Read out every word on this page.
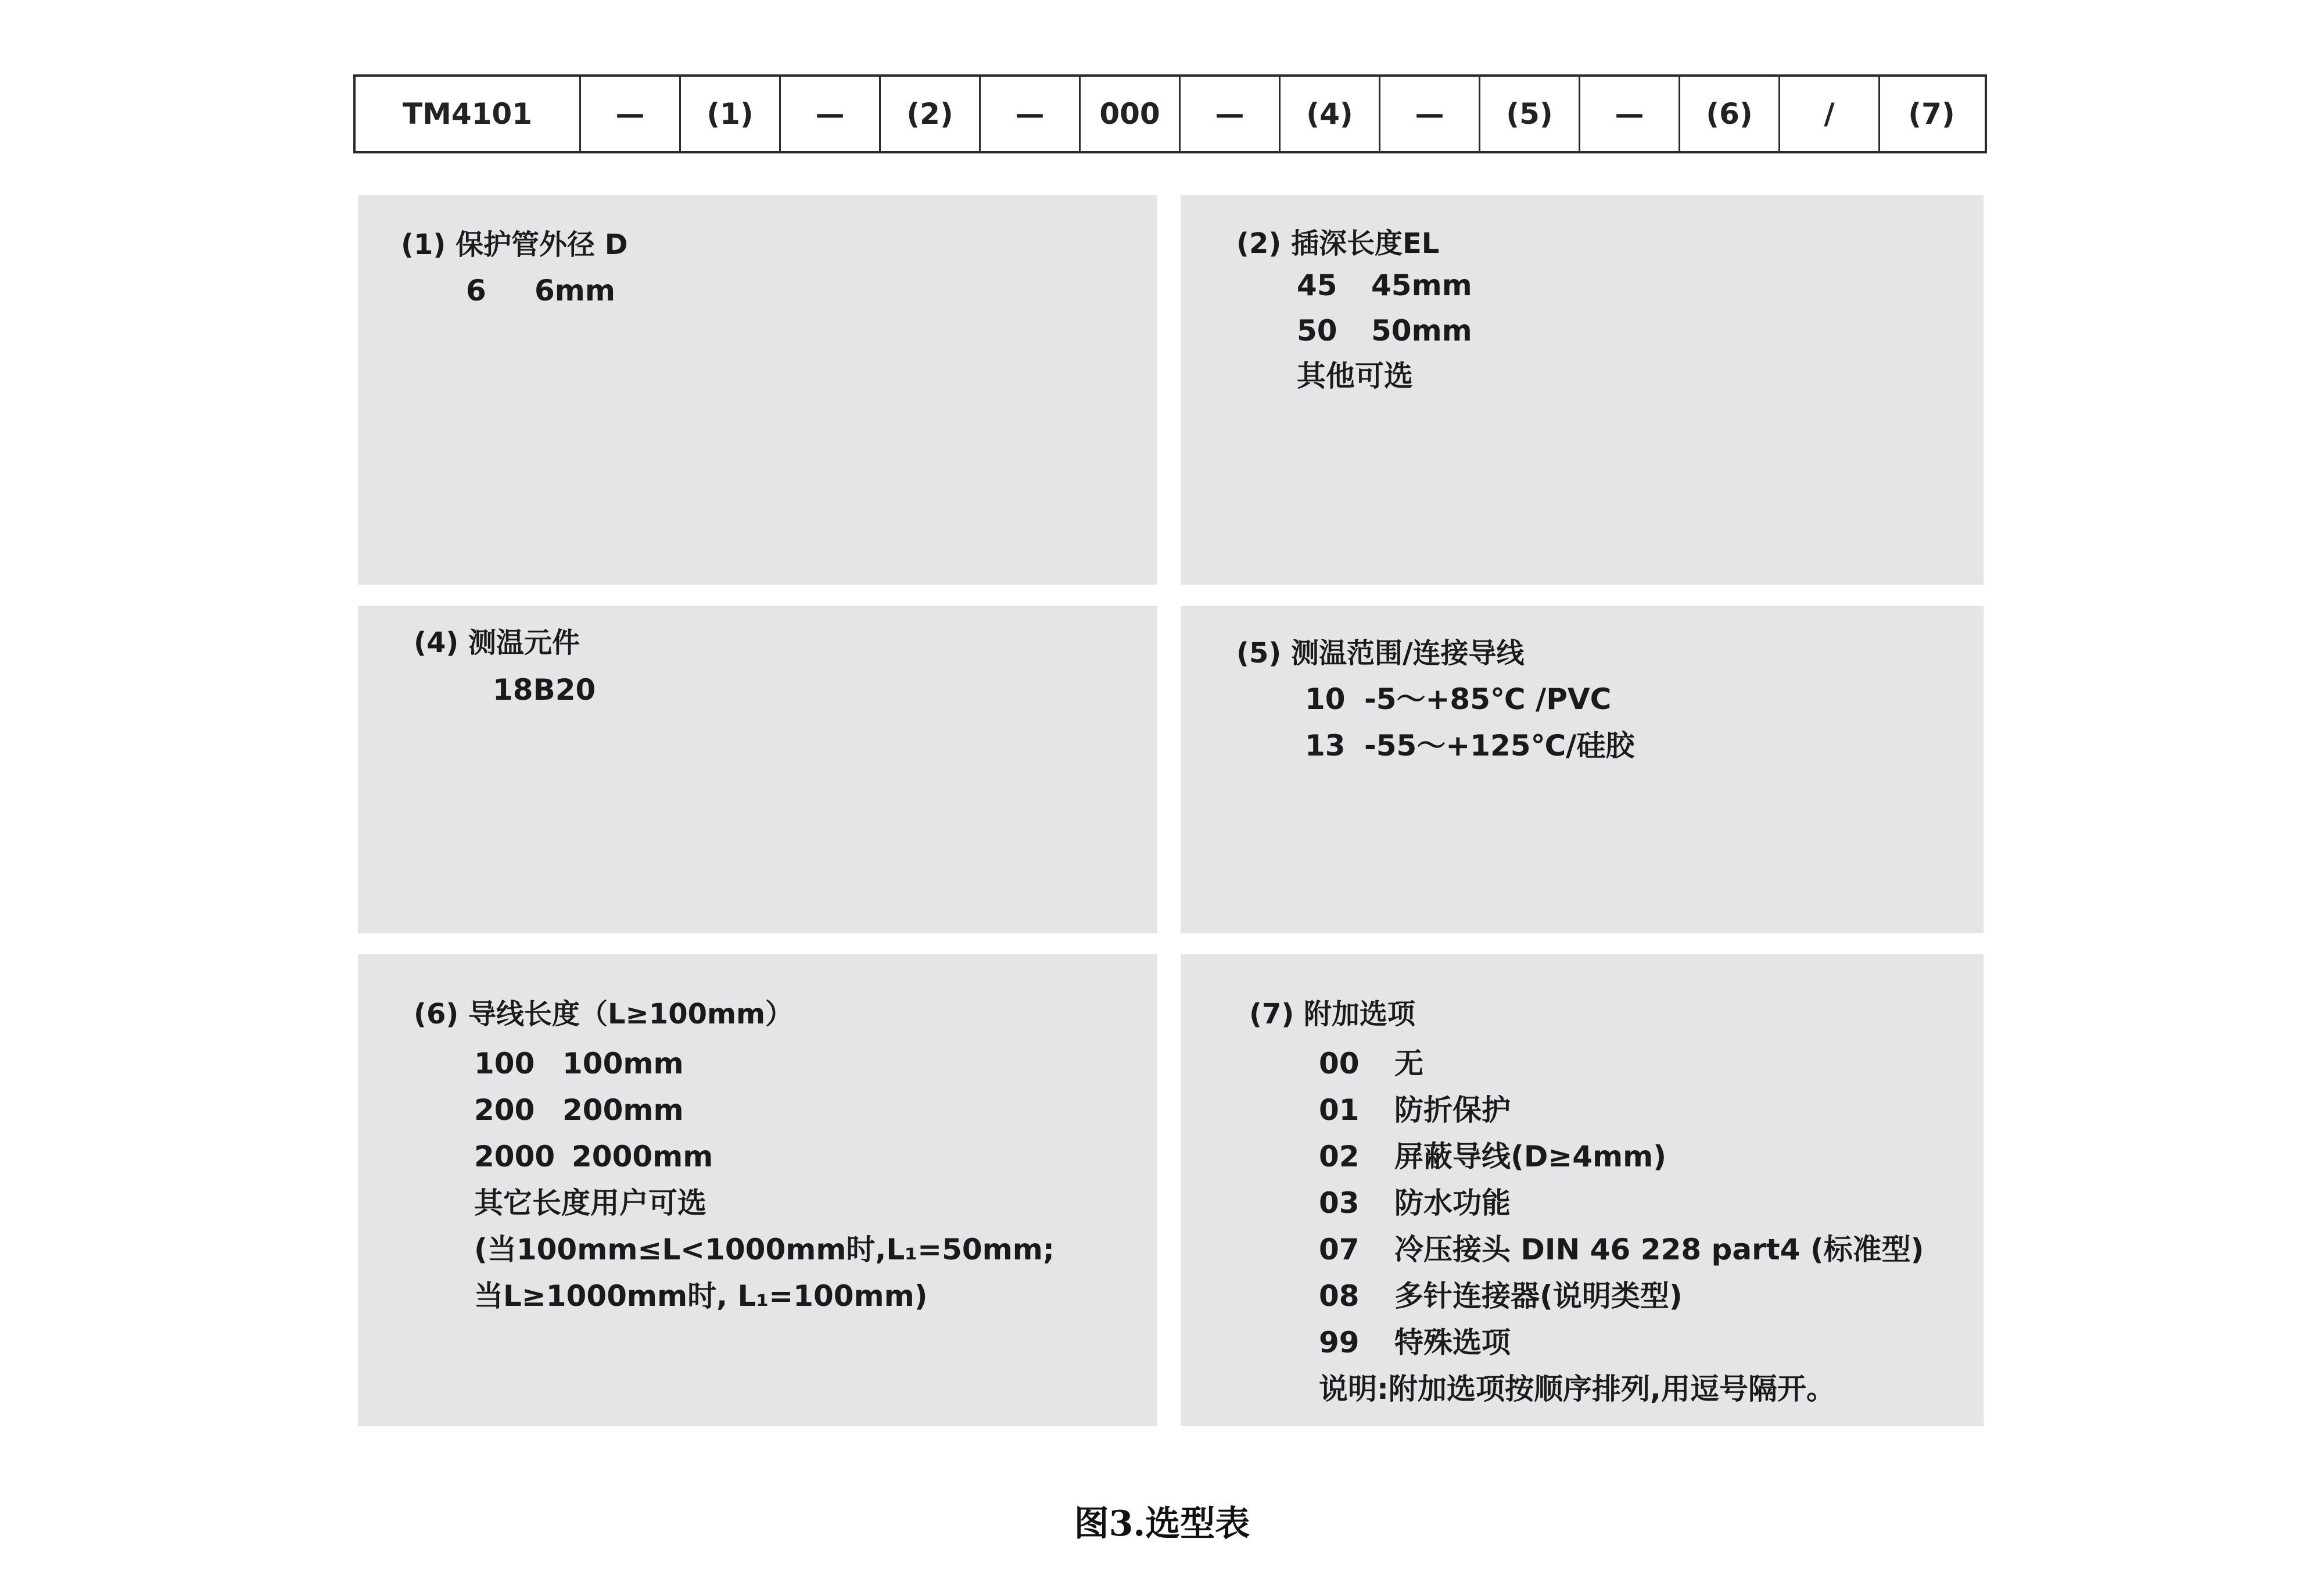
TM4101	—	(1)	—	(2)	—	000	—	(4)	—	(5)	—	(6)	/	(7)
(1) 保护管外径 D
6	6mm
(2) 插深长度EL
45	45mm
50	50mm
其他可选
(4) 测温元件
18B20
(5) 测温范围/连接导线
10 -5～+85℃ /PVC
13 -55～+125℃/硅胶
(6) 导线长度（L≥100mm）
100 100mm
200 200mm
2000 2000mm
其它长度用户可选
(当100mm≤L<1000mm时,L₁=50mm;
当L≥1000mm时, L₁=100mm)
(7) 附加选项
00	无
01	防折保护
02	屏蔽导线(D≥4mm)
03	防水功能
07	冷压接头 DIN 46 228 part4 (标准型)
08	多针连接器(说明类型)
99	特殊选项
说明:附加选项按顺序排列,用逗号隔开。
图3.选型表
